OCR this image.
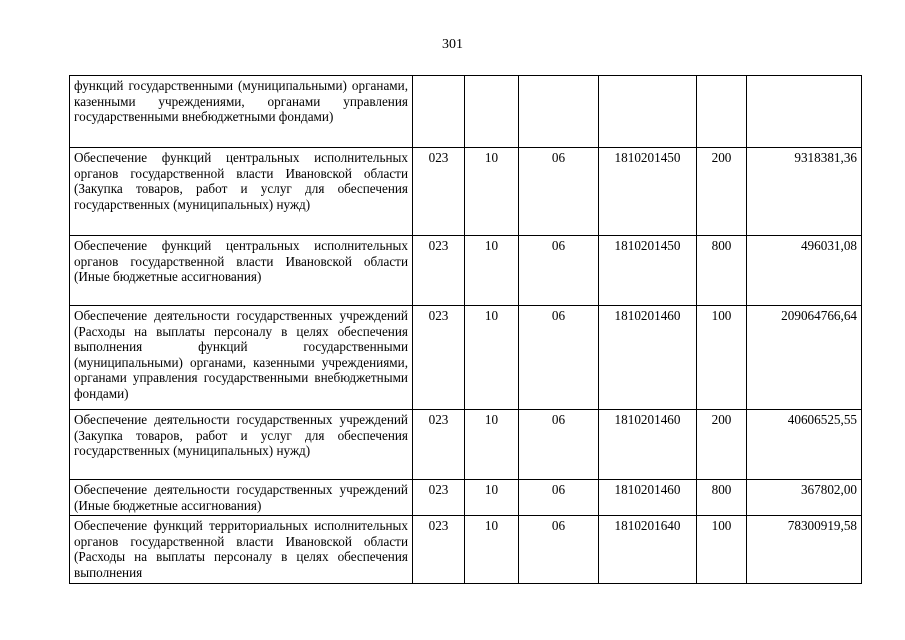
301
функций государственными (муниципальными) органами, казенными учреждениями, органами управления государственными внебюджетными фондами)						
Обеспечение функций центральных исполнительных органов государственной власти Ивановской области (Закупка товаров, работ и услуг для обеспечения государственных (муниципальных) нужд)	023	10	06	1810201450	200	9318381,36
Обеспечение функций центральных исполнительных органов государственной власти Ивановской области (Иные бюджетные ассигнования)	023	10	06	1810201450	800	496031,08
Обеспечение деятельности государственных учреждений (Расходы на выплаты персоналу в целях обеспечения выполнения функций государственными (муниципальными) органами, казенными учреждениями, органами управления государственными внебюджетными фондами)	023	10	06	1810201460	100	209064766,64
Обеспечение деятельности государственных учреждений (Закупка товаров, работ и услуг для обеспечения государственных (муниципальных) нужд)	023	10	06	1810201460	200	40606525,55
Обеспечение деятельности государственных учреждений (Иные бюджетные ассигнования)	023	10	06	1810201460	800	367802,00
Обеспечение функций территориальных исполнительных органов государственной власти Ивановской области (Расходы на выплаты персоналу в целях обеспечения выполнения	023	10	06	1810201640	100	78300919,58
